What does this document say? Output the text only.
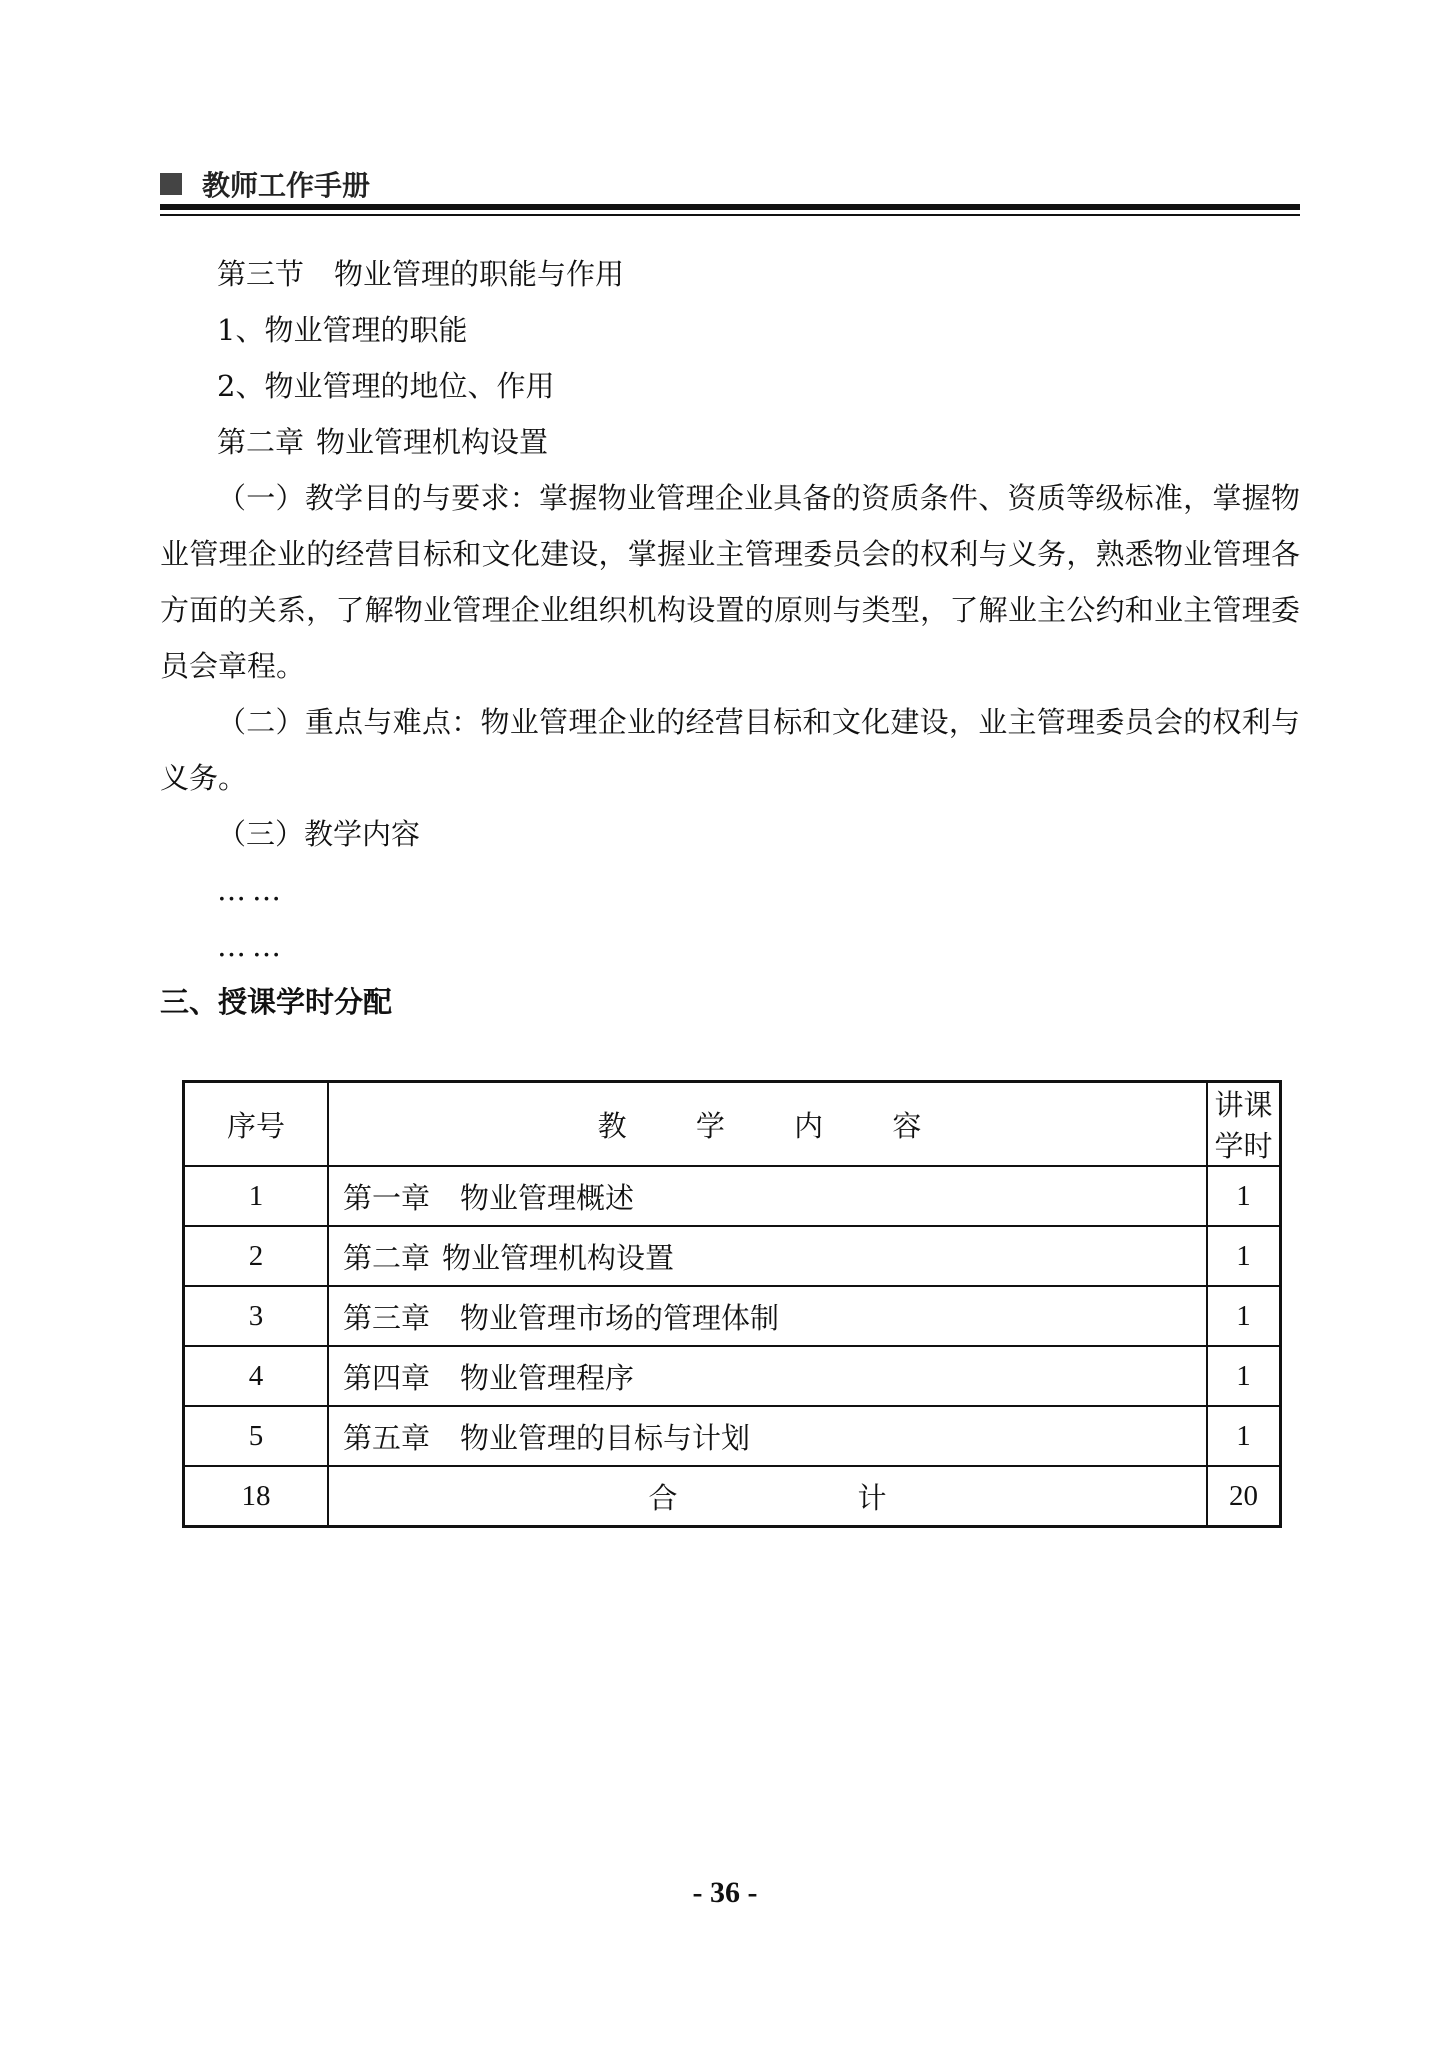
教师工作手册
第三节 物业管理的职能与作用
1、物业管理的职能
2、物业管理的地位、作用
第二章 物业管理机构设置
（一）教学目的与要求：掌握物业管理企业具备的资质条件、资质等级标准，掌握物业管理企业的经营目标和文化建设，掌握业主管理委员会的权利与义务，熟悉物业管理各方面的关系，了解物业管理企业组织机构设置的原则与类型，了解业主公约和业主管理委员会章程。
（二）重点与难点：物业管理企业的经营目标和文化建设，业主管理委员会的权利与义务。
（三）教学内容
……
……
三、授课学时分配
序号	教 学 内 容	讲课学时
1	第一章 物业管理概述	1
2	第二章 物业管理机构设置	1
3	第三章 物业管理市场的管理体制	1
4	第四章 物业管理程序	1
5	第五章 物业管理的目标与计划	1
18	合计	20
- 36 -
